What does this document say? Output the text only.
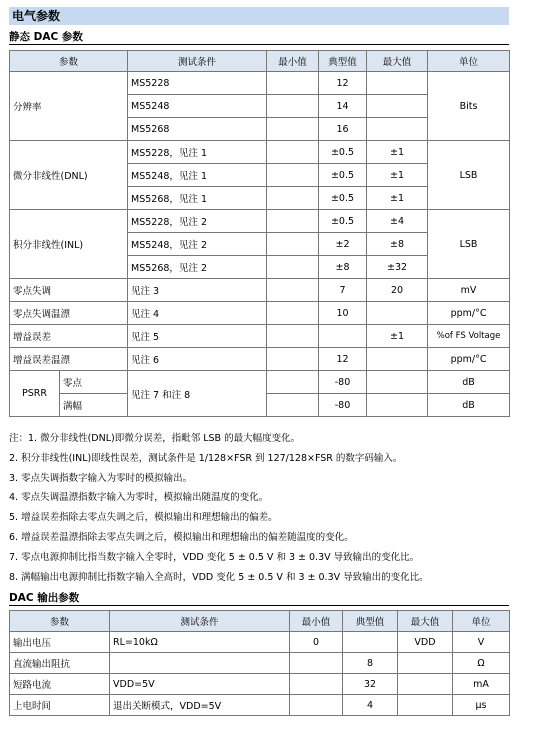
电气参数
静态 DAC 参数
参数		测试条件	最小值	典型值	最大值	单位
分辨率		MS5228		12		Bits
		MS5248		14		
		MS5268		16		
微分非线性(DNL)		MS5228，见注 1		±0.5	±1	LSB
		MS5248，见注 1		±0.5	±1	
		MS5268，见注 1		±0.5	±1	
积分非线性(INL)		MS5228，见注 2		±0.5	±4	LSB
		MS5248，见注 2		±2	±8	
		MS5268，见注 2		±8	±32	
零点失调		见注 3		7	20	mV
零点失调温漂		见注 4		10		ppm/°C
增益误差		见注 5			±1	%of FS Voltage
增益误差温漂		见注 6		12		ppm/°C
PSRR	零点	见注 7 和注 8		-80		dB
	满幅			-80		dB
注：1. 微分非线性(DNL)即微分误差，指毗邻 LSB 的最大幅度变化。
2. 积分非线性(INL)即线性误差，测试条件是 1/128×FSR 到 127/128×FSR 的数字码输入。
3. 零点失调指数字输入为零时的模拟输出。
4. 零点失调温漂指数字输入为零时，模拟输出随温度的变化。
5. 增益误差指除去零点失调之后，模拟输出和理想输出的偏差。
6. 增益误差温漂指除去零点失调之后，模拟输出和理想输出的偏差随温度的变化。
7. 零点电源抑制比指当数字输入全零时，VDD 变化 5 ± 0.5 V 和 3 ± 0.3V 导致输出的变化比。
8. 满幅输出电源抑制比指数字输入全高时，VDD 变化 5 ± 0.5 V 和 3 ± 0.3V 导致输出的变化比。
DAC 输出参数
参数	测试条件	最小值	典型值	最大值	单位
输出电压	RL=10kΩ	0		VDD	V
直流输出阻抗			8		Ω
短路电流	VDD=5V		32		mA
上电时间	退出关断模式，VDD=5V		4		μs
